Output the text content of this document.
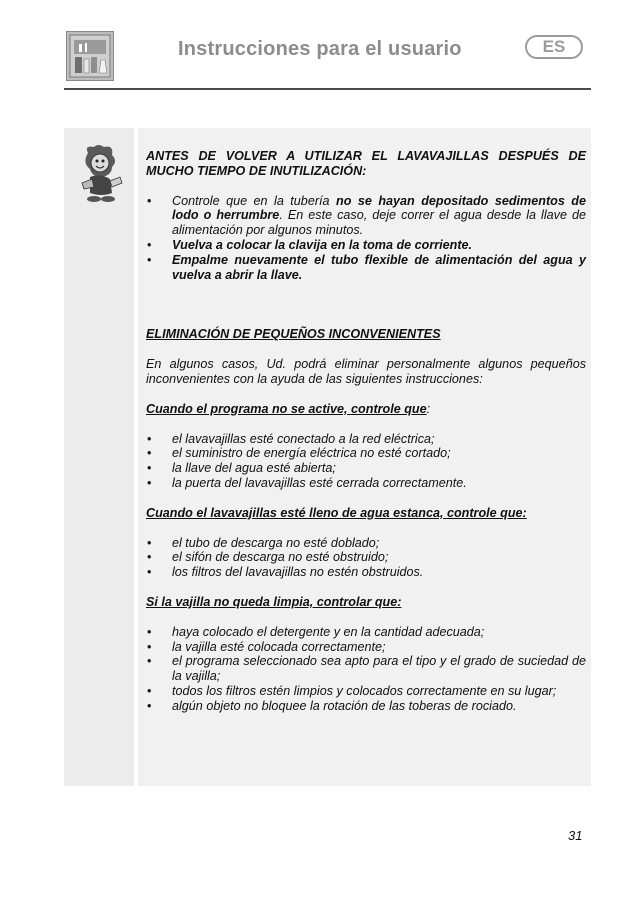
Instrucciones para el usuario	ES

ANTES DE VOLVER A UTILIZAR EL LAVAVAJILLAS DESPUÉS DE MUCHO TIEMPO DE INUTILIZACIÓN:

• Controle que en la tubería no se hayan depositado sedimentos de lodo o herrumbre. En este caso, deje correr el agua desde la llave de alimentación por algunos minutos.
• Vuelva a colocar la clavija en la toma de corriente.
• Empalme nuevamente el tubo flexible de alimentación del agua y vuelva a abrir la llave.

ELIMINACIÓN DE PEQUEÑOS INCONVENIENTES

En algunos casos, Ud. podrá eliminar personalmente algunos pequeños inconvenientes con la ayuda de las siguientes instrucciones:

Cuando el programa no se active, controle que:

• el lavavajillas esté conectado a la red eléctrica;
• el suministro de energía eléctrica no esté cortado;
• la llave del agua esté abierta;
• la puerta del lavavajillas esté cerrada correctamente.

Cuando el lavavajillas esté lleno de agua estanca, controle que:

• el tubo de descarga no esté doblado;
• el sifón de descarga no esté obstruido;
• los filtros del lavavajillas no estén obstruidos.

Si la vajilla no queda limpia, controlar que:

• haya colocado el detergente y en la cantidad adecuada;
• la vajilla esté colocada correctamente;
• el programa seleccionado sea apto para el tipo y el grado de suciedad de la vajilla;
• todos los filtros estén limpios y colocados correctamente en su lugar;
• algún objeto no bloquee la rotación de las toberas de rociado.
31
